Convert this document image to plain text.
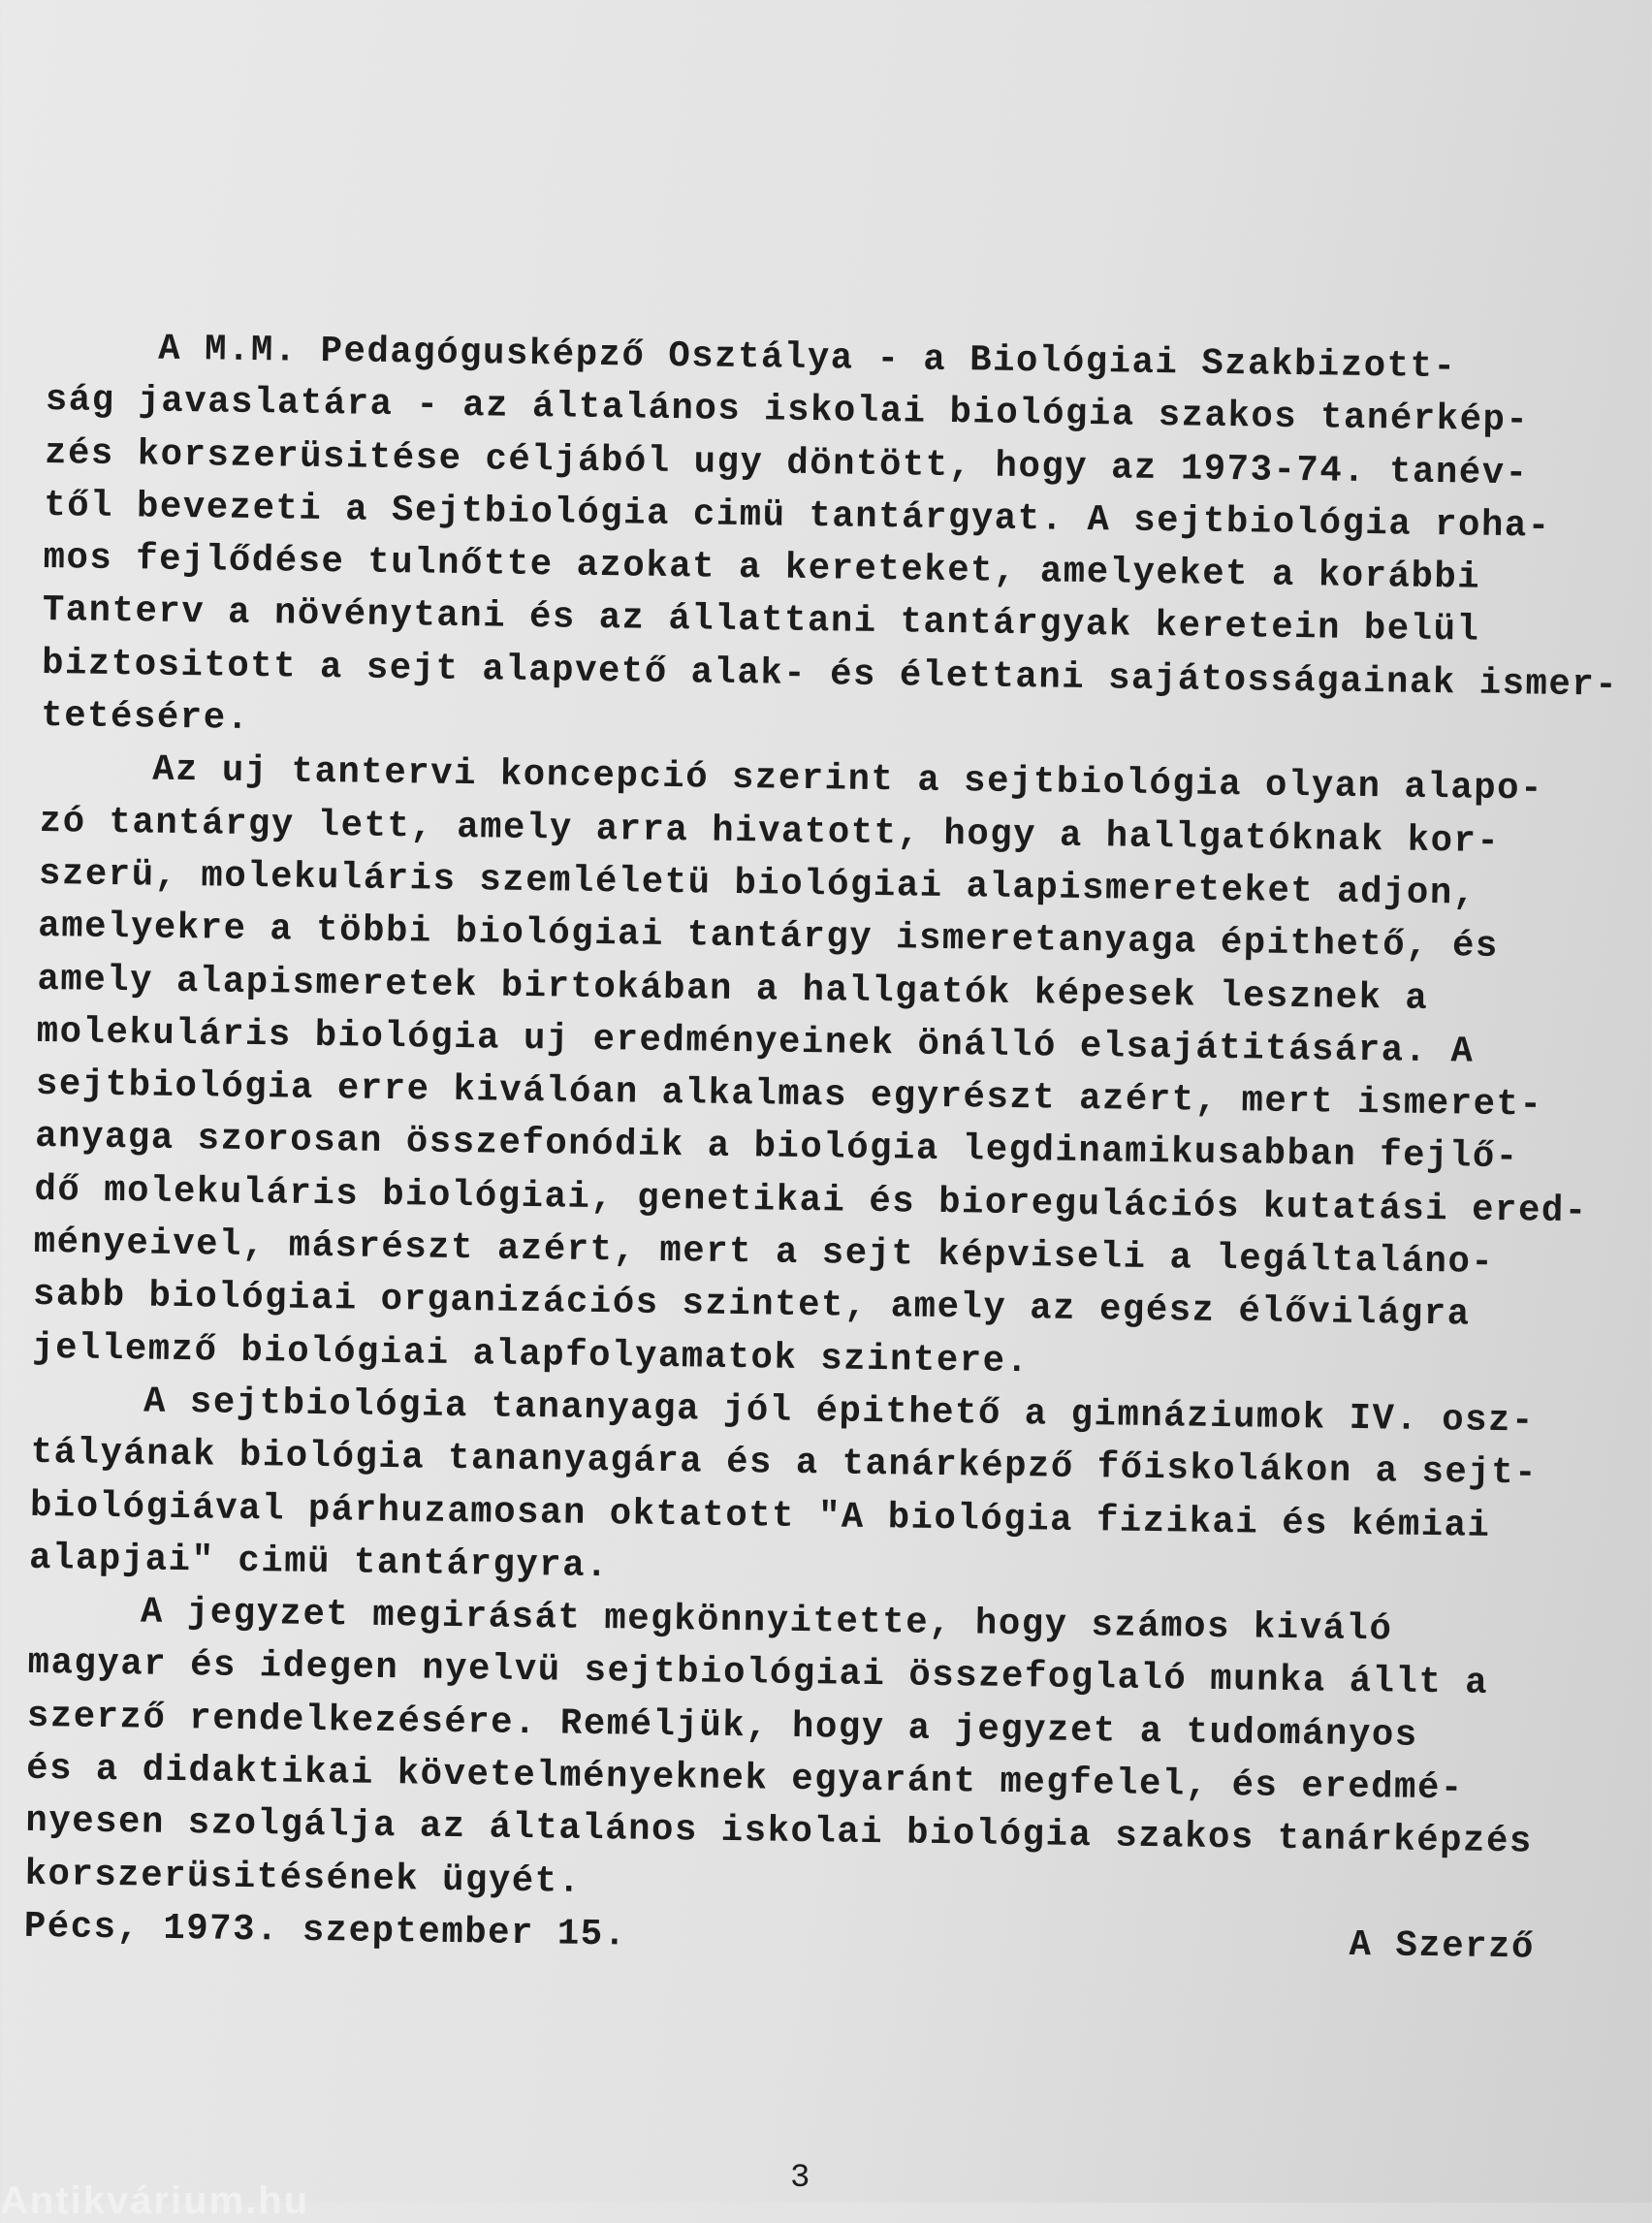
A M.M. Pedagógusképző Osztálya - a Biológiai Szakbizott-
ság javaslatára - az általános iskolai biológia szakos tanérkép-
zés korszerüsitése céljából ugy döntött, hogy az 1973-74. tanév-
től bevezeti a Sejtbiológia cimü tantárgyat. A sejtbiológia roha-
mos fejlődése tulnőtte azokat a kereteket, amelyeket a korábbi
Tanterv a növénytani és az állattani tantárgyak keretein belül
biztositott a sejt alapvető alak- és élettani sajátosságainak ismer-
tetésére.
Az uj tantervi koncepció szerint a sejtbiológia olyan alapo-
zó tantárgy lett, amely arra hivatott, hogy a hallgatóknak kor-
szerü, molekuláris szemléletü biológiai alapismereteket adjon,
amelyekre a többi biológiai tantárgy ismeretanyaga épithető, és
amely alapismeretek birtokában a hallgatók képesek lesznek a
molekuláris biológia uj eredményeinek önálló elsajátitására. A
sejtbiológia erre kiválóan alkalmas egyrészt azért, mert ismeret-
anyaga szorosan összefonódik a biológia legdinamikusabban fejlő-
dő molekuláris biológiai, genetikai és bioregulációs kutatási ered-
ményeivel, másrészt azért, mert a sejt képviseli a legáltaláno-
sabb biológiai organizációs szintet, amely az egész élővilágra
jellemző biológiai alapfolyamatok szintere.
A sejtbiológia tananyaga jól épithető a gimnáziumok IV. osz-
tályának biológia tananyagára és a tanárképző főiskolákon a sejt-
biológiával párhuzamosan oktatott "A biológia fizikai és kémiai
alapjai" cimü tantárgyra.
A jegyzet megirását megkönnyitette, hogy számos kiváló
magyar és idegen nyelvü sejtbiológiai összefoglaló munka állt a
szerző rendelkezésére. Reméljük, hogy a jegyzet a tudományos
és a didaktikai követelményeknek egyaránt megfelel, és eredmé-
nyesen szolgálja az általános iskolai biológia szakos tanárképzés
korszerüsitésének ügyét.
Pécs, 1973. szeptember 15.	A Szerző
3
Antikvárium.hu
